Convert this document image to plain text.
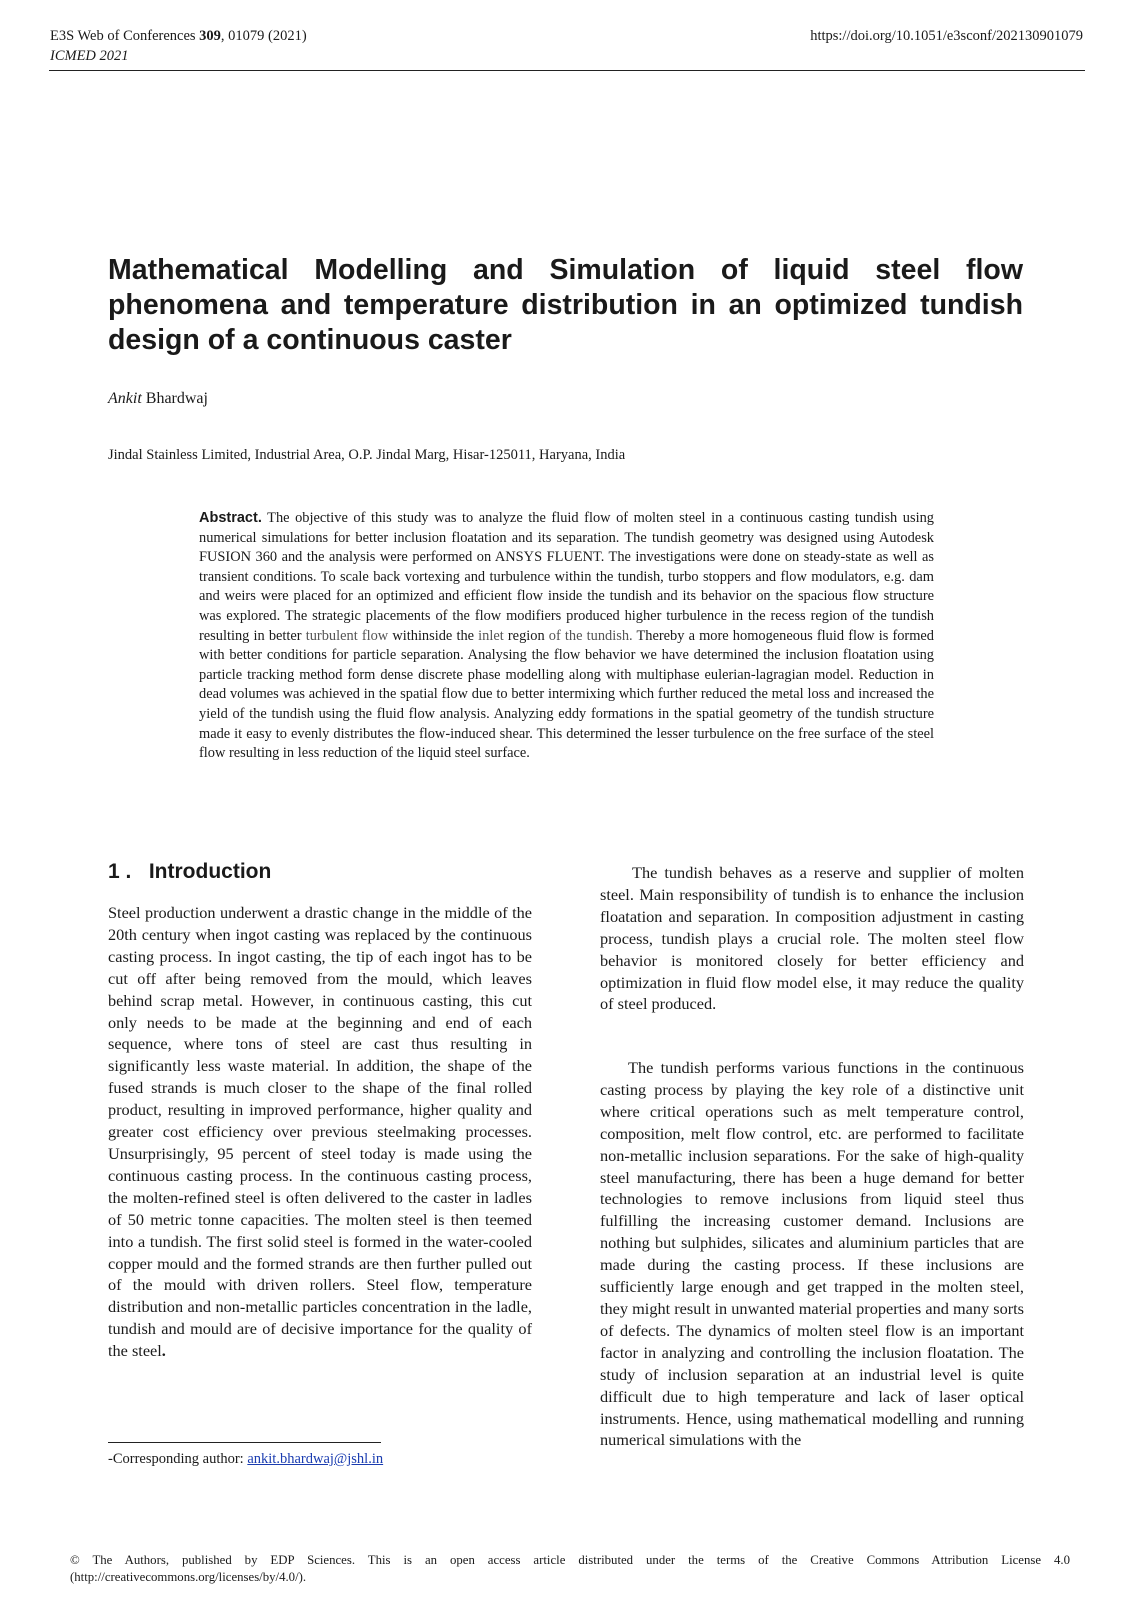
E3S Web of Conferences 309, 01079 (2021)
ICMED 2021
https://doi.org/10.1051/e3sconf/202130901079
Mathematical Modelling and Simulation of liquid steel flow phenomena and temperature distribution in an optimized tundish design of a continuous caster
Ankit Bhardwaj
Jindal Stainless Limited, Industrial Area, O.P. Jindal Marg, Hisar-125011, Haryana, India
Abstract. The objective of this study was to analyze the fluid flow of molten steel in a continuous casting tundish using numerical simulations for better inclusion floatation and its separation. The tundish geometry was designed using Autodesk FUSION 360 and the analysis were performed on ANSYS FLUENT. The investigations were done on steady-state as well as transient conditions. To scale back vortexing and turbulence within the tundish, turbo stoppers and flow modulators, e.g. dam and weirs were placed for an optimized and efficient flow inside the tundish and its behavior on the spacious flow structure was explored. The strategic placements of the flow modifiers produced higher turbulence in the recess region of the tundish resulting in better turbulent flow withinside the inlet region of the tundish. Thereby a more homogeneous fluid flow is formed with better conditions for particle separation. Analysing the flow behavior we have determined the inclusion floatation using particle tracking method form dense discrete phase modelling along with multiphase eulerian-lagragian model. Reduction in dead volumes was achieved in the spatial flow due to better intermixing which further reduced the metal loss and increased the yield of the tundish using the fluid flow analysis. Analyzing eddy formations in the spatial geometry of the tundish structure made it easy to evenly distributes the flow-induced shear. This determined the lesser turbulence on the free surface of the steel flow resulting in less reduction of the liquid steel surface.
1 .   Introduction
Steel production underwent a drastic change in the middle of the 20th century when ingot casting was replaced by the continuous casting process. In ingot casting, the tip of each ingot has to be cut off after being removed from the mould, which leaves behind scrap metal. However, in continuous casting, this cut only needs to be made at the beginning and end of each sequence, where tons of steel are cast thus resulting in significantly less waste material. In addition, the shape of the fused strands is much closer to the shape of the final rolled product, resulting in improved performance, higher quality and greater cost efficiency over previous steelmaking processes. Unsurprisingly, 95 percent of steel today is made using the continuous casting process. In the continuous casting process, the molten-refined steel is often delivered to the caster in ladles of 50 metric tonne capacities. The molten steel is then teemed into a tundish. The first solid steel is formed in the water-cooled copper mould and the formed strands are then further pulled out of the mould with driven rollers. Steel flow, temperature distribution and non-metallic particles concentration in the ladle, tundish and mould are of decisive importance for the quality of the steel.
The tundish behaves as a reserve and supplier of molten steel. Main responsibility of tundish is to enhance the inclusion floatation and separation. In composition adjustment in casting process, tundish plays a crucial role. The molten steel flow behavior is monitored closely for better efficiency and optimization in fluid flow model else, it may reduce the quality of steel produced.
The tundish performs various functions in the continuous casting process by playing the key role of a distinctive unit where critical operations such as melt temperature control, composition, melt flow control, etc. are performed to facilitate non-metallic inclusion separations. For the sake of high-quality steel manufacturing, there has been a huge demand for better technologies to remove inclusions from liquid steel thus fulfilling the increasing customer demand. Inclusions are nothing but sulphides, silicates and aluminium particles that are made during the casting process. If these inclusions are sufficiently large enough and get trapped in the molten steel, they might result in unwanted material properties and many sorts of defects. The dynamics of molten steel flow is an important factor in analyzing and controlling the inclusion floatation. The study of inclusion separation at an industrial level is quite difficult due to high temperature and lack of laser optical instruments. Hence, using mathematical modelling and running numerical simulations with the
-Corresponding author: ankit.bhardwaj@jshl.in
© The Authors, published by EDP Sciences. This is an open access article distributed under the terms of the Creative Commons Attribution License 4.0 (http://creativecommons.org/licenses/by/4.0/).
